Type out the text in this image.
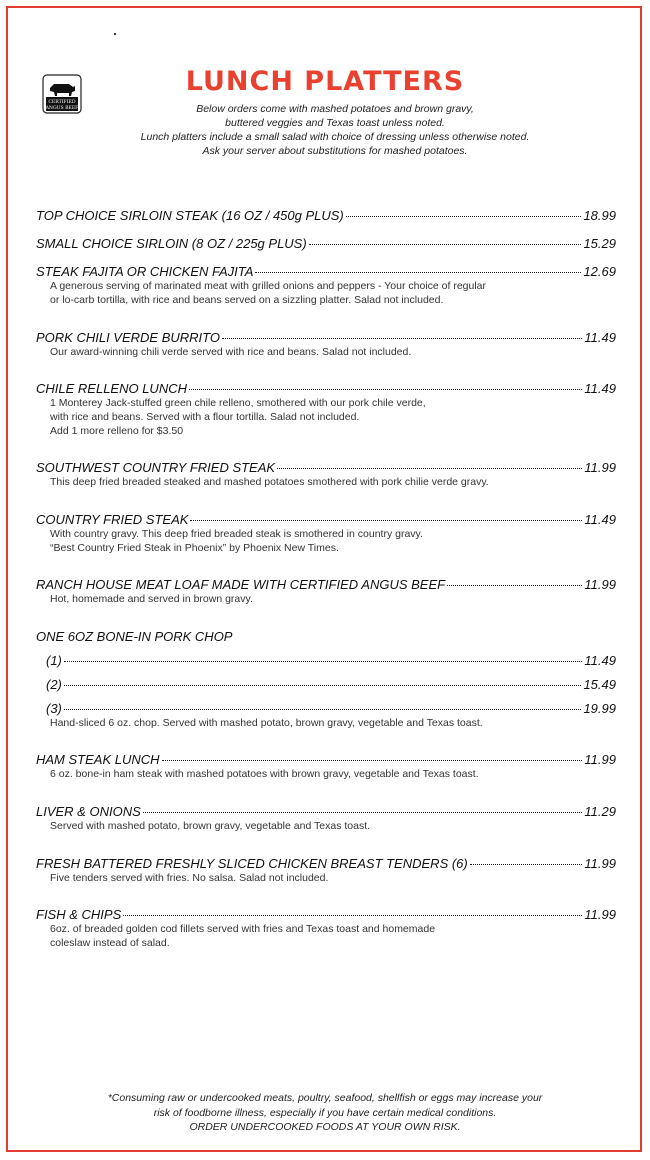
CERTIFIED
ANGUS BEEF
LUNCH PLATTERS
Below orders come with mashed potatoes and brown gravy,
buttered veggies and Texas toast unless noted.
Lunch platters include a small salad with choice of dressing unless otherwise noted.
Ask your server about substitutions for mashed potatoes.
TOP CHOICE SIRLOIN STEAK (16 OZ / 450g PLUS)	18.99
SMALL CHOICE SIRLOIN (8 OZ / 225g PLUS)	15.29
STEAK FAJITA OR CHICKEN FAJITA	12.69
A generous serving of marinated meat with grilled onions and peppers - Your choice of regular
or lo-carb tortilla, with rice and beans served on a sizzling platter. Salad not included.
PORK CHILI VERDE BURRITO	11.49
Our award-winning chili verde served with rice and beans. Salad not included.
CHILE RELLENO LUNCH	11.49
1 Monterey Jack-stuffed green chile relleno, smothered with our pork chile verde,
with rice and beans. Served with a flour tortilla. Salad not included.
Add 1 more relleno for $3.50
SOUTHWEST COUNTRY FRIED STEAK	11.99
This deep fried breaded steaked and mashed potatoes smothered with pork chilie verde gravy.
COUNTRY FRIED STEAK	11.49
With country gravy. This deep fried breaded steak is smothered in country gravy.
“Best Country Fried Steak in Phoenix” by Phoenix New Times.
RANCH HOUSE MEAT LOAF MADE WITH CERTIFIED ANGUS BEEF	11.99
Hot, homemade and served in brown gravy.
ONE 6OZ BONE-IN PORK CHOP
(1)	11.49
(2)	15.49
(3)	19.99
Hand-sliced 6 oz. chop. Served with mashed potato, brown gravy, vegetable and Texas toast.
HAM STEAK LUNCH	11.99
6 oz. bone-in ham steak with mashed potatoes with brown gravy, vegetable and Texas toast.
LIVER & ONIONS	11.29
Served with mashed potato, brown gravy, vegetable and Texas toast.
FRESH BATTERED FRESHLY SLICED CHICKEN BREAST TENDERS (6)	11.99
Five tenders served with fries. No salsa. Salad not included.
FISH & CHIPS	11.99
6oz. of breaded golden cod fillets served with fries and Texas toast and homemade
coleslaw instead of salad.
*Consuming raw or undercooked meats, poultry, seafood, shellfish or eggs may increase your
risk of foodborne illness, especially if you have certain medical conditions.
ORDER UNDERCOOKED FOODS AT YOUR OWN RISK.
